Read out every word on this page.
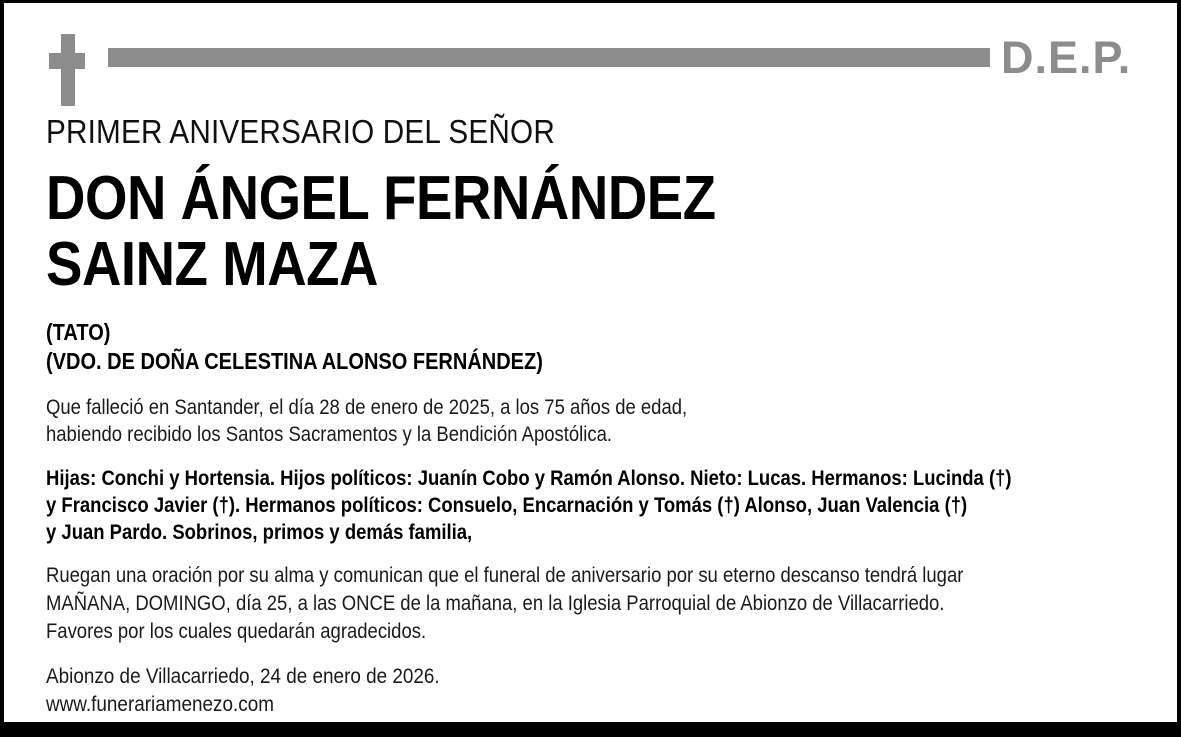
D.E.P.
PRIMER ANIVERSARIO DEL SEÑOR
DON ÁNGEL FERNÁNDEZ
SAINZ MAZA
(TATO)
(VDO. DE DOÑA CELESTINA ALONSO FERNÁNDEZ)
Que falleció en Santander, el día 28 de enero de 2025, a los 75 años de edad,
habiendo recibido los Santos Sacramentos y la Bendición Apostólica.
Hijas: Conchi y Hortensia. Hijos políticos: Juanín Cobo y Ramón Alonso. Nieto: Lucas. Hermanos: Lucinda (†)
y Francisco Javier (†). Hermanos políticos: Consuelo, Encarnación y Tomás (†) Alonso, Juan Valencia (†)
y Juan Pardo. Sobrinos, primos y demás familia,
Ruegan una oración por su alma y comunican que el funeral de aniversario por su eterno descanso tendrá lugar
MAÑANA, DOMINGO, día 25, a las ONCE de la mañana, en la Iglesia Parroquial de Abionzo de Villacarriedo.
Favores por los cuales quedarán agradecidos.
Abionzo de Villacarriedo, 24 de enero de 2026.
www.funerariamenezo.com
